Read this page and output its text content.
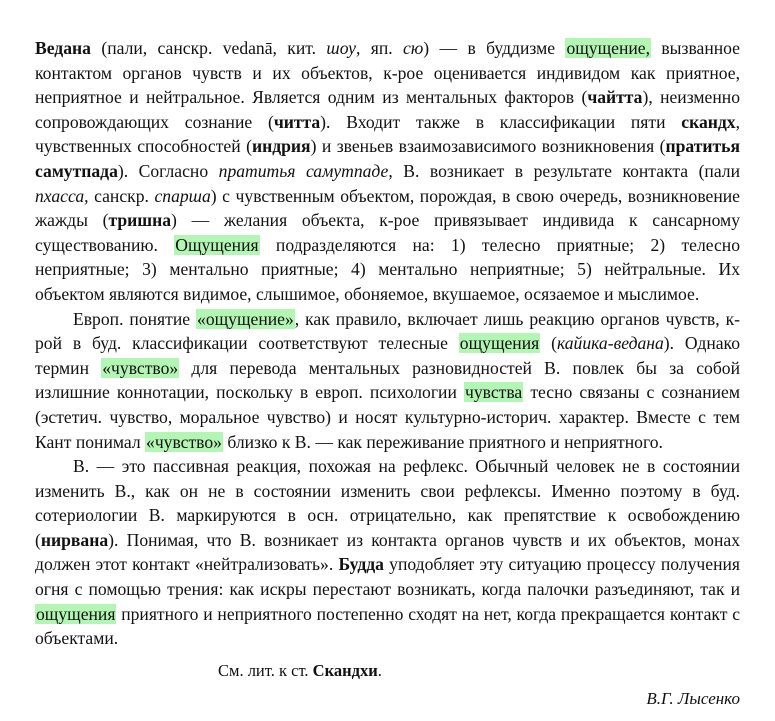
Ведана (пали, санскр. vedanā, кит. шоу, яп. сю) — в буддизме ощущение, вызванное контактом органов чувств и их объектов, к-рое оценивается индивидом как приятное, неприятное и нейтральное. Является одним из ментальных факторов (чайтта), неизменно сопровождающих сознание (читта). Входит также в классификации пяти скандх, чувственных способностей (индрия) и звеньев взаимозависимого возникновения (пратитья самутпада). Согласно пратитья самутпаде, В. возникает в результате контакта (пали пхасса, санскр. спарша) с чувственным объектом, порождая, в свою очередь, возникновение жажды (тришна) — желания объекта, к-рое привязывает индивида к сансарному существованию. Ощущения подразделяются на: 1) телесно приятные; 2) телесно неприятные; 3) ментально приятные; 4) ментально неприятные; 5) нейтральные. Их объектом являются видимое, слышимое, обоняемое, вкушаемое, осязаемое и мыслимое.

Европ. понятие «ощущение», как правило, включает лишь реакцию органов чувств, к-рой в буд. классификации соответствуют телесные ощущения (кайика-ведана). Однако термин «чувство» для перевода ментальных разновидностей В. повлек бы за собой излишние коннотации, поскольку в европ. психологии чувства тесно связаны с сознанием (эстетич. чувство, моральное чувство) и носят культурно-историч. характер. Вместе с тем Кант понимал «чувство» близко к В. — как переживание приятного и неприятного.

В. — это пассивная реакция, похожая на рефлекс. Обычный человек не в состоянии изменить В., как он не в состоянии изменить свои рефлексы. Именно поэтому в буд. сотериологии В. маркируются в осн. отрицательно, как препятствие к освобождению (нирвана). Понимая, что В. возникает из контакта органов чувств и их объектов, монах должен этот контакт «нейтрализовать». Будда уподобляет эту ситуацию процессу получения огня с помощью трения: как искры перестают возникать, когда палочки разъединяют, так и ощущения приятного и неприятного постепенно сходят на нет, когда прекращается контакт с объектами.

См. лит. к ст. Скандхи.
В.Г. Лысенко
